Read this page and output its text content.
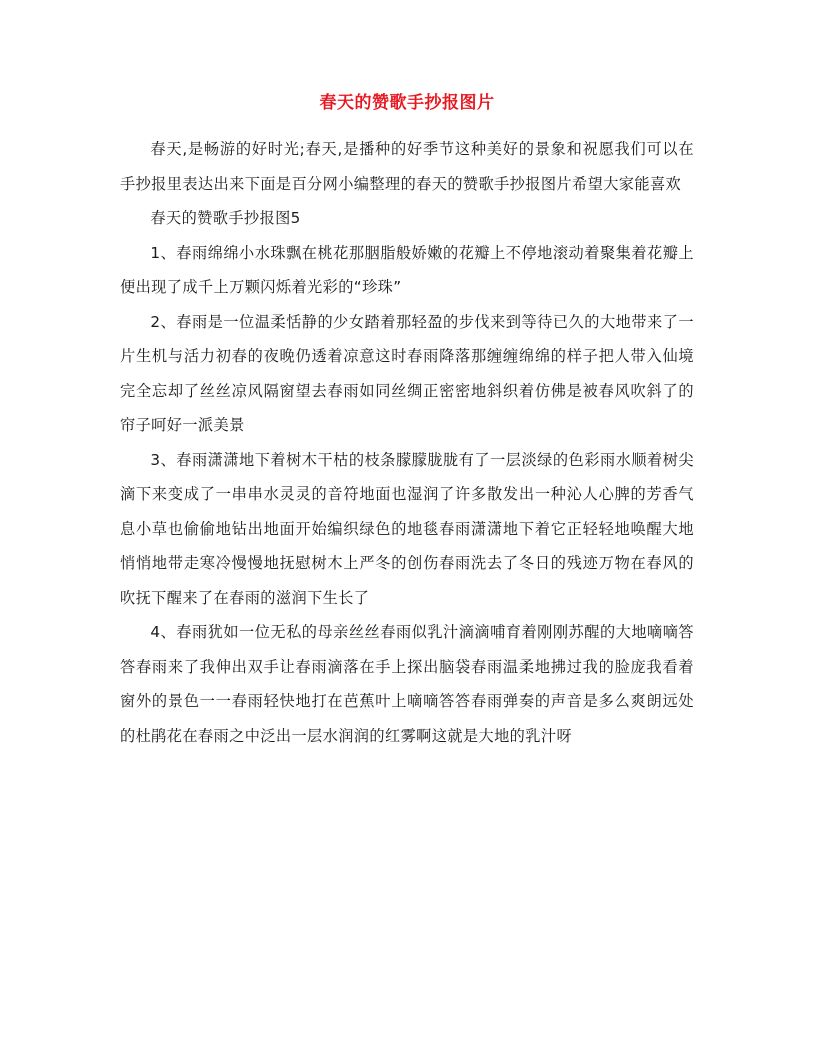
春天的赞歌手抄报图片

春天,是畅游的好时光;春天,是播种的好季节这种美好的景象和祝愿我们可以在手抄报里表达出来下面是百分网小编整理的春天的赞歌手抄报图片希望大家能喜欢

春天的赞歌手抄报图5

1、春雨绵绵小水珠飘在桃花那胭脂般娇嫩的花瓣上不停地滚动着聚集着花瓣上便出现了成千上万颗闪烁着光彩的“珍珠”

2、春雨是一位温柔恬静的少女踏着那轻盈的步伐来到等待已久的大地带来了一片生机与活力初春的夜晚仍透着凉意这时春雨降落那缠缠绵绵的样子把人带入仙境完全忘却了丝丝凉风隔窗望去春雨如同丝绸正密密地斜织着仿佛是被春风吹斜了的帘子呵好一派美景

3、春雨潇潇地下着树木干枯的枝条朦朦胧胧有了一层淡绿的色彩雨水顺着树尖滴下来变成了一串串水灵灵的音符地面也湿润了许多散发出一种沁人心脾的芳香气息小草也偷偷地钻出地面开始编织绿色的地毯春雨潇潇地下着它正轻轻地唤醒大地悄悄地带走寒冷慢慢地抚慰树木上严冬的创伤春雨洗去了冬日的残迹万物在春风的吹抚下醒来了在春雨的滋润下生长了

4、春雨犹如一位无私的母亲丝丝春雨似乳汁滴滴哺育着刚刚苏醒的大地嘀嘀答答春雨来了我伸出双手让春雨滴落在手上探出脑袋春雨温柔地拂过我的脸庞我看着窗外的景色一一春雨轻快地打在芭蕉叶上嘀嘀答答春雨弹奏的声音是多么爽朗远处的杜鹃花在春雨之中泛出一层水润润的红雾啊这就是大地的乳汁呀
